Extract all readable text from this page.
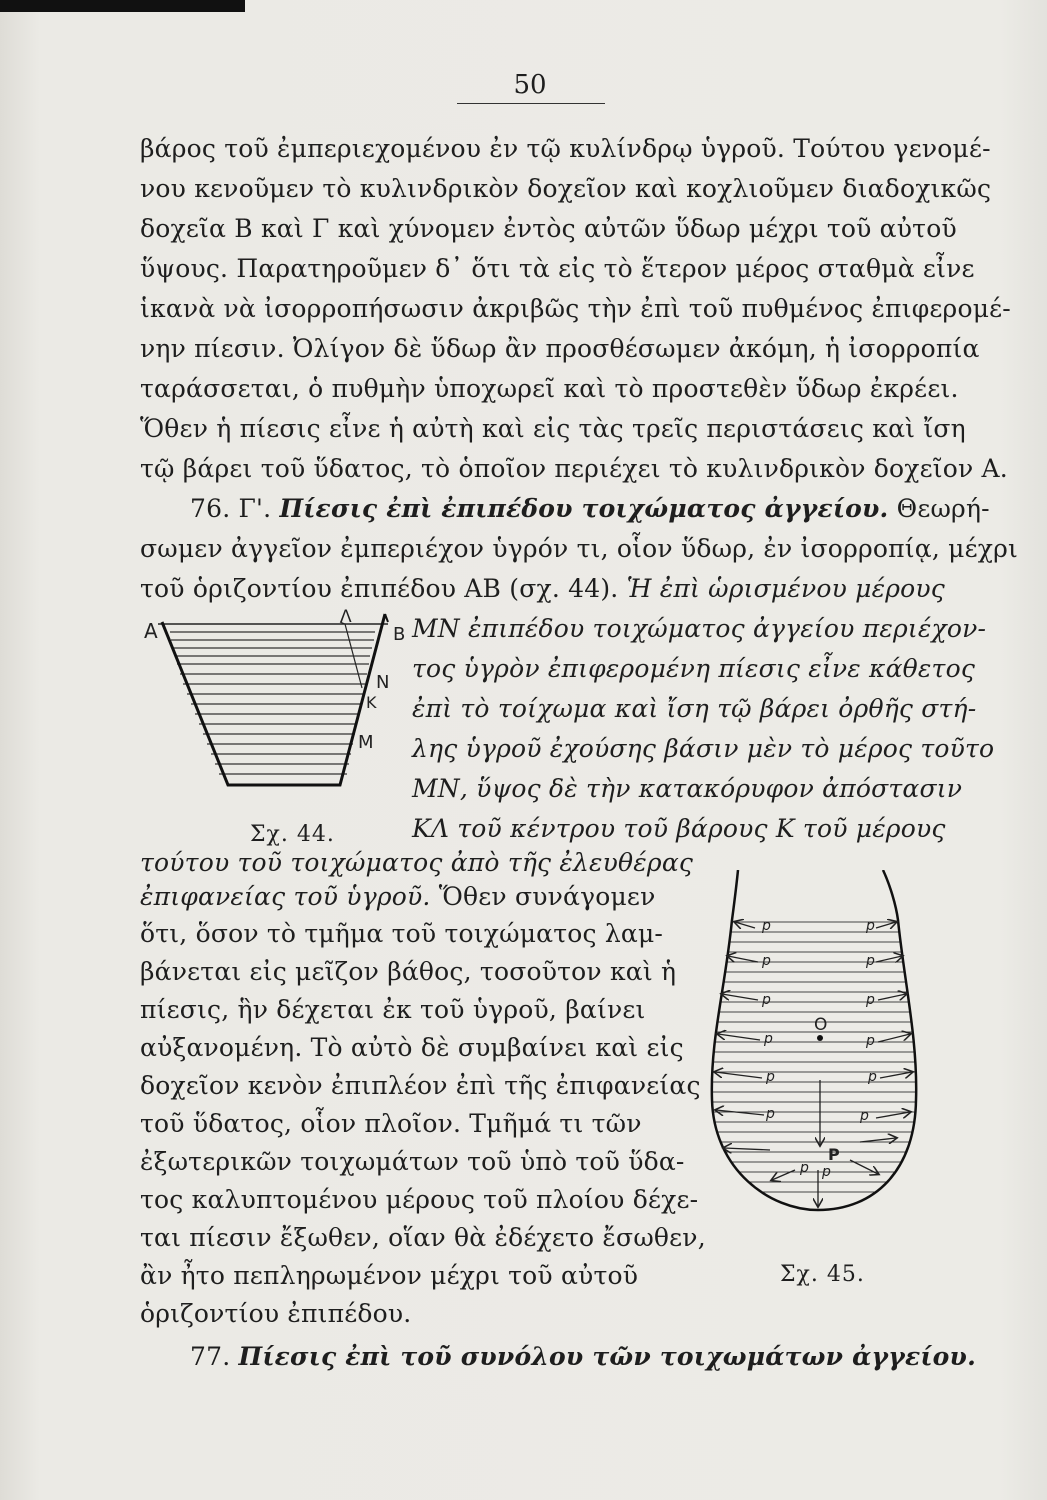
50
βάρος τοῦ ἐμπεριεχομένου ἐν τῷ κυλίνδρῳ ὑγροῦ. Τούτου γενομέ-
νου κενοῦμεν τὸ κυλινδρικὸν δοχεῖον καὶ κοχλιοῦμεν διαδοχικῶς
δοχεῖα Β καὶ Γ καὶ χύνομεν ἐντὸς αὐτῶν ὕδωρ μέχρι τοῦ αὐτοῦ
ὕψους. Παρατηροῦμεν δ᾽ ὅτι τὰ εἰς τὸ ἕτερον μέρος σταθμὰ εἶνε
ἱκανὰ νὰ ἰσορροπήσωσιν ἀκριβῶς τὴν ἐπὶ τοῦ πυθμένος ἐπιφερομέ-
νην πίεσιν. Ὀλίγον δὲ ὕδωρ ἂν προσθέσωμεν ἀκόμη, ἡ ἰσορροπία
ταράσσεται, ὁ πυθμὴν ὑποχωρεῖ καὶ τὸ προστεθὲν ὕδωρ ἐκρέει.
Ὅθεν ἡ πίεσις εἶνε ἡ αὐτὴ καὶ εἰς τὰς τρεῖς περιστάσεις καὶ ἴση
τῷ βάρει τοῦ ὕδατος, τὸ ὁποῖον περιέχει τὸ κυλινδρικὸν δοχεῖον Α.
76. Γ'. Πίεσις ἐπὶ ἐπιπέδου τοιχώματος ἀγγείου. Θεωρή-
σωμεν ἀγγεῖον ἐμπεριέχον ὑγρόν τι, οἷον ὕδωρ, ἐν ἰσορροπίᾳ, μέχρι
τοῦ ὁριζοντίου ἐπιπέδου ΑΒ (σχ. 44). Ἡ ἐπὶ ὡρισμένου μέρους
A
Λ
B
N
K
M
Σχ. 44.
ΜΝ ἐπιπέδου τοιχώματος ἀγγείου περιέχον-
τος ὑγρὸν ἐπιφερομένη πίεσις εἶνε κάθετος
ἐπὶ τὸ τοίχωμα καὶ ἴση τῷ βάρει ὀρθῆς στή-
λης ὑγροῦ ἐχούσης βάσιν μὲν τὸ μέρος τοῦτο
ΜΝ, ὕψος δὲ τὴν κατακόρυφον ἀπόστασιν
ΚΛ τοῦ κέντρου τοῦ βάρους Κ τοῦ μέρους
τούτου τοῦ τοιχώματος ἀπὸ τῆς ἐλευθέρας
ἐπιφανείας τοῦ ὑγροῦ. Ὅθεν συνάγομεν
ὅτι, ὅσον τὸ τμῆμα τοῦ τοιχώματος λαμ-
βάνεται εἰς μεῖζον βάθος, τοσοῦτον καὶ ἡ
πίεσις, ἣν δέχεται ἐκ τοῦ ὑγροῦ, βαίνει
αὐξανομένη. Τὸ αὐτὸ δὲ συμβαίνει καὶ εἰς
δοχεῖον κενὸν ἐπιπλέον ἐπὶ τῆς ἐπιφανείας
τοῦ ὕδατος, οἷον πλοῖον. Τμῆμά τι τῶν
ἐξωτερικῶν τοιχωμάτων τοῦ ὑπὸ τοῦ ὕδα-
τος καλυπτομένου μέρους τοῦ πλοίου δέχε-
ται πίεσιν ἔξωθεν, οἵαν θὰ ἐδέχετο ἔσωθεν,
ἂν ἦτο πεπληρωμένον μέχρι τοῦ αὐτοῦ
ὁριζοντίου ἐπιπέδου.
p
p
p
p
p
p
p
p
p
p
p
p
p p
O
P
Σχ. 45.
77. Πίεσις ἐπὶ τοῦ συνόλου τῶν τοιχωμάτων ἀγγείου.
